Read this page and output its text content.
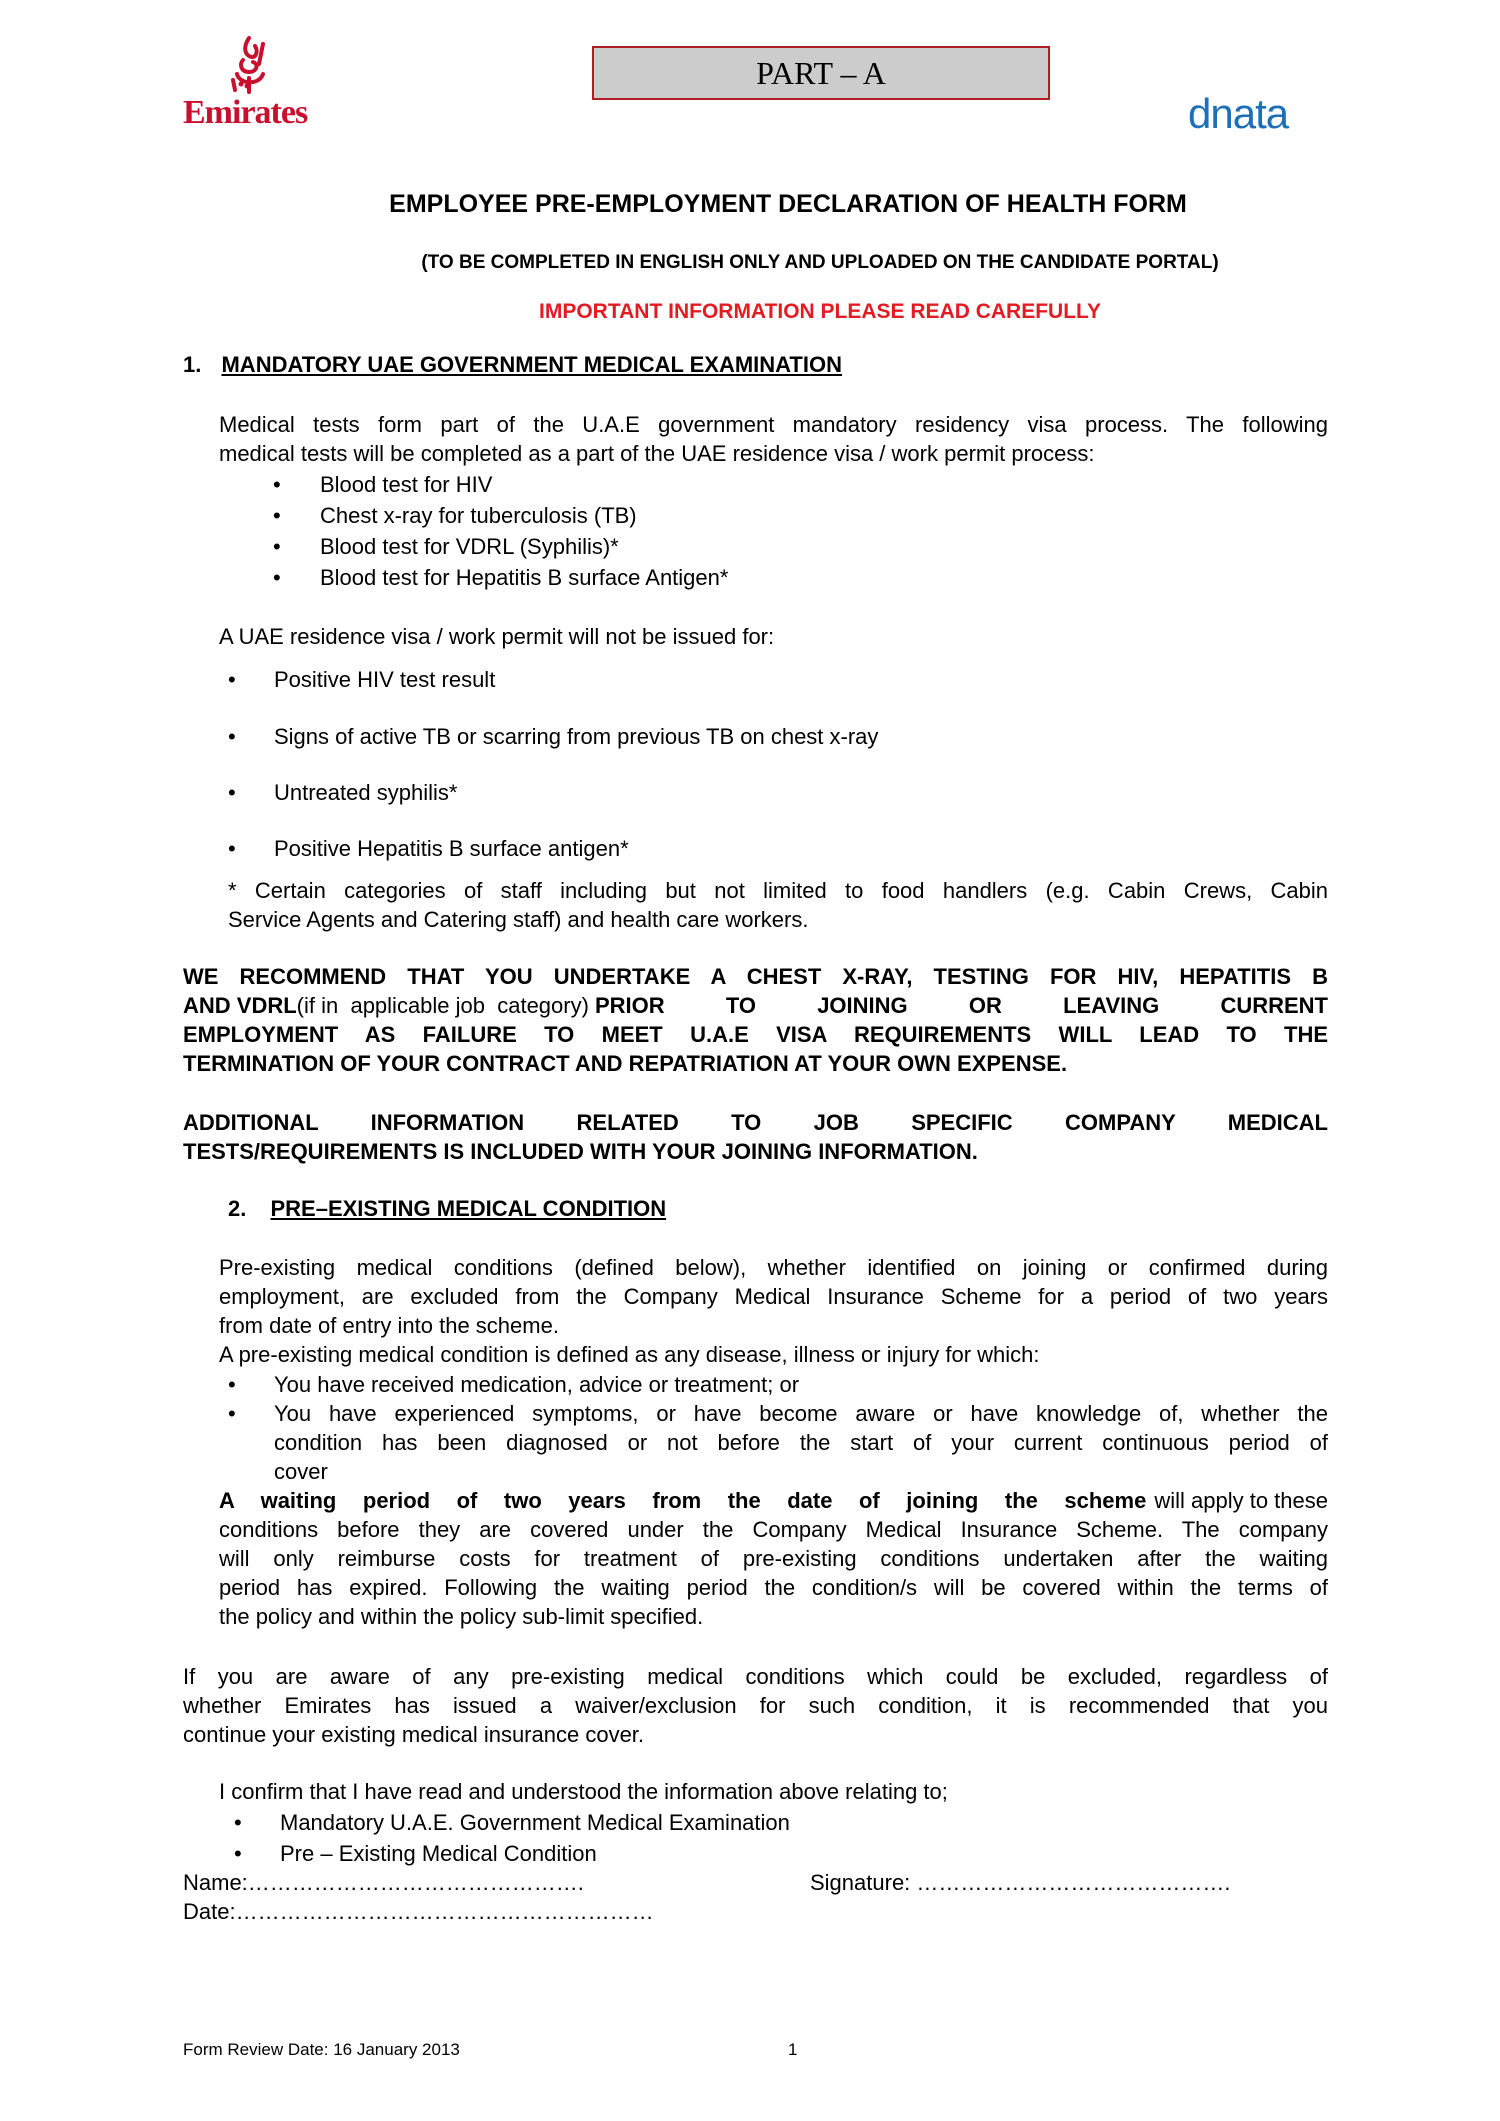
Emirates
PART – A
dnata
EMPLOYEE PRE-EMPLOYMENT DECLARATION OF HEALTH FORM
(TO BE COMPLETED IN ENGLISH ONLY AND UPLOADED ON THE CANDIDATE PORTAL)
IMPORTANT INFORMATION PLEASE READ CAREFULLY
1. MANDATORY UAE GOVERNMENT MEDICAL EXAMINATION
Medical tests form part of the U.A.E government mandatory residency visa process. The following
medical tests will be completed as a part of the UAE residence visa / work permit process:
• Blood test for HIV
• Chest x-ray for tuberculosis (TB)
• Blood test for VDRL (Syphilis)*
• Blood test for Hepatitis B surface Antigen*
A UAE residence visa / work permit will not be issued for:
• Positive HIV test result
• Signs of active TB or scarring from previous TB on chest x-ray
• Untreated syphilis*
• Positive Hepatitis B surface antigen*
* Certain categories of staff including but not limited to food handlers (e.g. Cabin Crews, Cabin
Service Agents and Catering staff) and health care workers.
WE RECOMMEND THAT YOU UNDERTAKE A CHEST X-RAY, TESTING FOR HIV, HEPATITIS B
AND VDRL (if in  applicable job  category) PRIOR TO JOINING OR LEAVING CURRENT
EMPLOYMENT AS FAILURE TO MEET U.A.E VISA REQUIREMENTS WILL LEAD TO THE
TERMINATION OF YOUR CONTRACT AND REPATRIATION AT YOUR OWN EXPENSE.
ADDITIONAL INFORMATION RELATED TO JOB SPECIFIC COMPANY MEDICAL
TESTS/REQUIREMENTS IS INCLUDED WITH YOUR JOINING INFORMATION.
2. PRE–EXISTING MEDICAL CONDITION
Pre-existing medical conditions (defined below), whether identified on joining or confirmed during
employment, are excluded from the Company Medical Insurance Scheme for a period of two years
from date of entry into the scheme.
A pre-existing medical condition is defined as any disease, illness or injury for which:
• You have received medication, advice or treatment; or
• You have experienced symptoms, or have become aware or have knowledge of, whether the
condition has been diagnosed or not before the start of your current continuous period of
cover
A waiting period of two years from the date of joining the scheme will apply to these
conditions before they are covered under the Company Medical Insurance Scheme. The company
will only reimburse costs for treatment of pre-existing conditions undertaken after the waiting
period has expired. Following the waiting period the condition/s will be covered within the terms of
the policy and within the policy sub-limit specified.
If you are aware of any pre-existing medical conditions which could be excluded, regardless of
whether Emirates has issued a waiver/exclusion for such condition, it is recommended that you
continue your existing medical insurance cover.
I confirm that I have read and understood the information above relating to;
• Mandatory U.A.E. Government Medical Examination
• Pre – Existing Medical Condition
Name:……………………………………….	Signature: …………………………………….
Date:…………………………………………………
Form Review Date: 16 January 2013	1
